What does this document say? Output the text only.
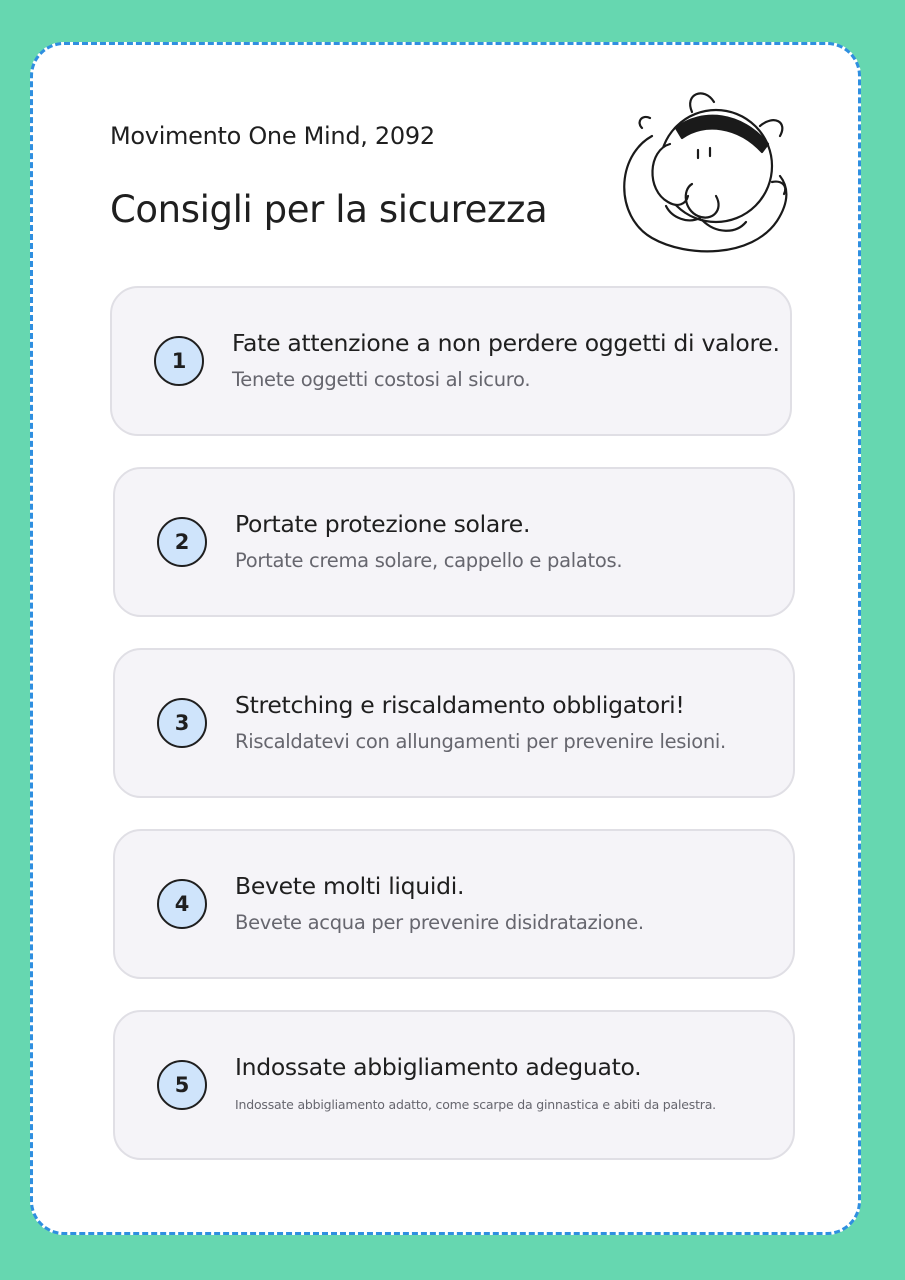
Movimento One Mind, 2092
Consigli per la sicurezza
1
Fate attenzione a non perdere oggetti di valore.
Tenete oggetti costosi al sicuro.
2
Portate protezione solare.
Portate crema solare, cappello e palatos.
3
Stretching e riscaldamento obbligatori!
Riscaldatevi con allungamenti per prevenire lesioni.
4
Bevete molti liquidi.
Bevete acqua per prevenire disidratazione.
5
Indossate abbigliamento adeguato.
Indossate abbigliamento adatto, come scarpe da ginnastica e abiti da palestra.
